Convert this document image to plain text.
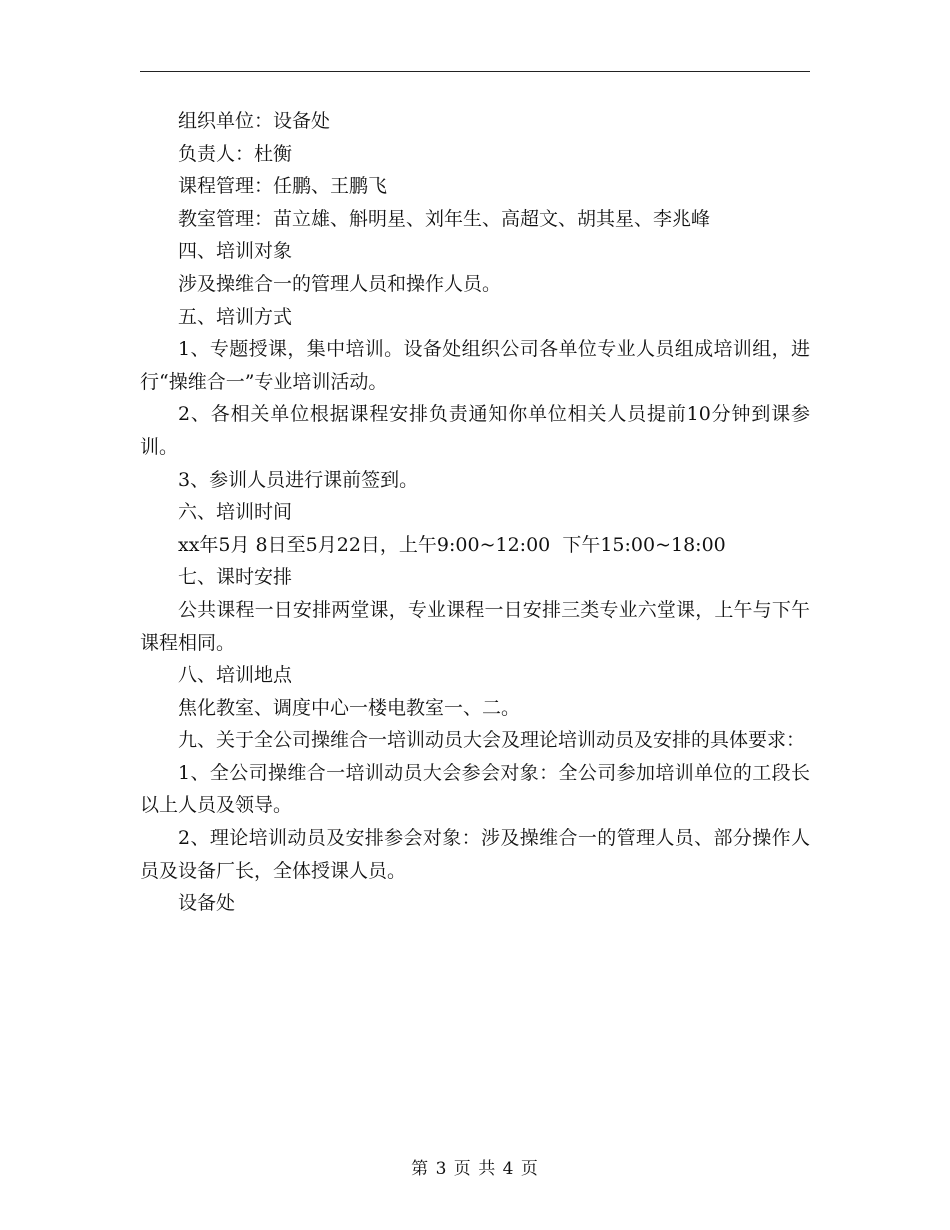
组织单位：设备处

负责人：杜衡

课程管理：任鹏、王鹏飞

教室管理：苗立雄、斛明星、刘年生、高超文、胡其星、李兆峰

四、培训对象

涉及操维合一的管理人员和操作人员。

五、培训方式

1、专题授课，集中培训。设备处组织公司各单位专业人员组成培训组，进行“操维合一”专业培训活动。

2、各相关单位根据课程安排负责通知你单位相关人员提前10分钟到课参训。

3、参训人员进行课前签到。

六、培训时间

xx年5月 8日至5月22日，上午9:00~12:00  下午15:00~18:00

七、课时安排

公共课程一日安排两堂课，专业课程一日安排三类专业六堂课，上午与下午课程相同。

八、培训地点

焦化教室、调度中心一楼电教室一、二。

九、关于全公司操维合一培训动员大会及理论培训动员及安排的具体要求：

1、全公司操维合一培训动员大会参会对象：全公司参加培训单位的工段长以上人员及领导。

2、理论培训动员及安排参会对象：涉及操维合一的管理人员、部分操作人员及设备厂长，全体授课人员。

设备处

第 3 页 共 4 页
